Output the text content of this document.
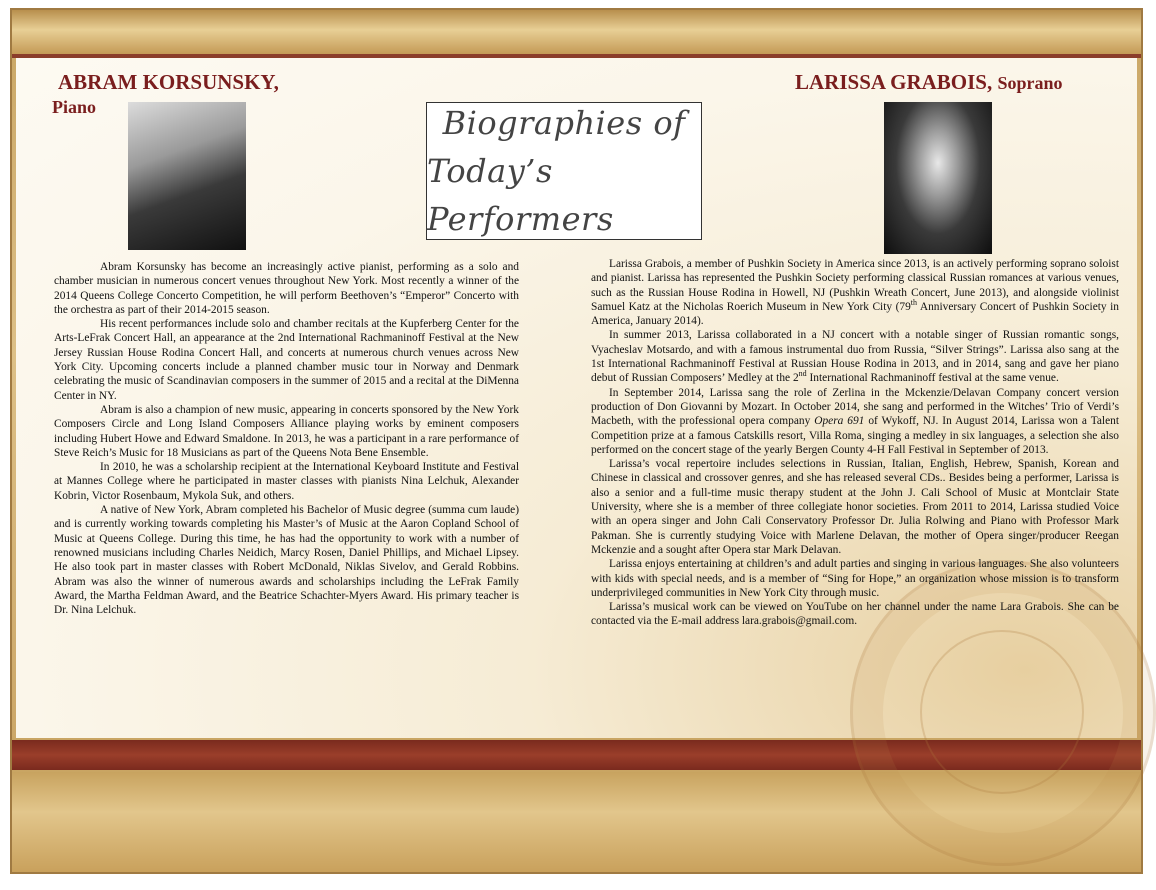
ABRAM KORSUNSKY,
Piano
LARISSA GRABOIS, Soprano
Biographies of
Today’s Performers

Abram Korsunsky has become an increasingly active pianist, performing as a solo and chamber musician in numerous concert venues throughout New York. Most recently a winner of the 2014 Queens College Concerto Competition, he will perform Beethoven’s “Emperor” Concerto with the orchestra as part of their 2014-2015 season.

His recent performances include solo and chamber recitals at the Kupferberg Center for the Arts-LeFrak Concert Hall, an appearance at the 2nd International Rachmaninoff Festival at the New Jersey Russian House Rodina Concert Hall, and concerts at numerous church venues across New York City. Upcoming concerts include a planned chamber music tour in Norway and Denmark celebrating the music of Scandinavian composers in the summer of 2015 and a recital at the DiMenna Center in NY.

Abram is also a champion of new music, appearing in concerts sponsored by the New York Composers Circle and Long Island Composers Alliance playing works by eminent composers including Hubert Howe and Edward Smaldone. In 2013, he was a participant in a rare performance of Steve Reich’s Music for 18 Musicians as part of the Queens Nota Bene Ensemble.

In 2010, he was a scholarship recipient at the International Keyboard Institute and Festival at Mannes College where he participated in master classes with pianists Nina Lelchuk, Alexander Kobrin, Victor Rosenbaum, Mykola Suk, and others.

A native of New York, Abram completed his Bachelor of Music degree (summa cum laude) and is currently working towards completing his Master’s of Music at the Aaron Copland School of Music at Queens College. During this time, he has had the opportunity to work with a number of renowned musicians including Charles Neidich, Marcy Rosen, Daniel Phillips, and Michael Lipsey. He also took part in master classes with Robert McDonald, Niklas Sivelov, and Gerald Robbins. Abram was also the winner of numerous awards and scholarships including the LeFrak Family Award, the Martha Feldman Award, and the Beatrice Schachter-Myers Award. His primary teacher is Dr. Nina Lelchuk.

Larissa Grabois, a member of Pushkin Society in America since 2013, is an actively performing soprano soloist and pianist. Larissa has represented the Pushkin Society performing classical Russian romances at various venues, such as the Russian House Rodina in Howell, NJ (Pushkin Wreath Concert, June 2013), and alongside violinist Samuel Katz at the Nicholas Roerich Museum in New York City (79th Anniversary Concert of Pushkin Society in America, January 2014).

In summer 2013, Larissa collaborated in a NJ concert with a notable singer of Russian romantic songs, Vyacheslav Motsardo, and with a famous instrumental duo from Russia, “Silver Strings”. Larissa also sang at the 1st International Rachmaninoff Festival at Russian House Rodina in 2013, and in 2014, sang and gave her piano debut of Russian Composers’ Medley at the 2nd International Rachmaninoff festival at the same venue.

In September 2014, Larissa sang the role of Zerlina in the Mckenzie/Delavan Company concert version production of Don Giovanni by Mozart. In October 2014, she sang and performed in the Witches’ Trio of Verdi’s Macbeth, with the professional opera company Opera 691 of Wykoff, NJ. In August 2014, Larissa won a Talent Competition prize at a famous Catskills resort, Villa Roma, singing a medley in six languages, a selection she also performed on the concert stage of the yearly Bergen County 4-H Fall Festival in September of 2013.

Larissa’s vocal repertoire includes selections in Russian, Italian, English, Hebrew, Spanish, Korean and Chinese in classical and crossover genres, and she has released several CDs.. Besides being a performer, Larissa is also a senior and a full-time music therapy student at the John J. Cali School of Music at Montclair State University, where she is a member of three collegiate honor societies. From 2011 to 2014, Larissa studied Voice with an opera singer and John Cali Conservatory Professor Dr. Julia Rolwing and Piano with Professor Mark Pakman. She is currently studying Voice with Marlene Delavan, the mother of Opera singer/producer Reegan Mckenzie and a sought after Opera star Mark Delavan.

Larissa enjoys entertaining at children’s and adult parties and singing in various languages. She also volunteers with kids with special needs, and is a member of “Sing for Hope,” an organization whose mission is to transform underprivileged communities in New York City through music.

Larissa’s musical work can be viewed on YouTube on her channel under the name Lara Grabois. She can be contacted via the E-mail address lara.grabois@gmail.com.
